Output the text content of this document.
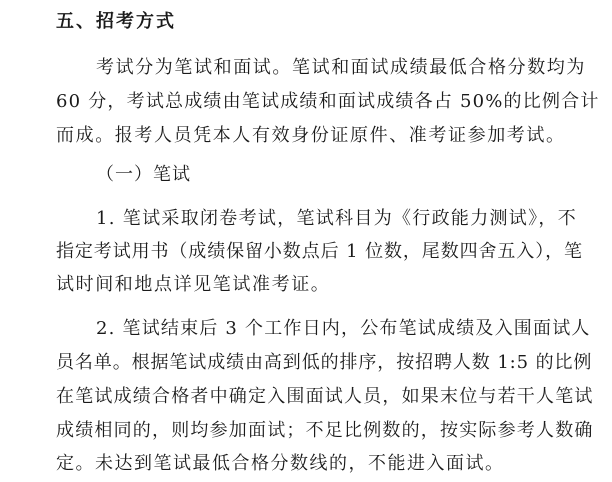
五、招考方式
考试分为笔试和面试。笔试和面试成绩最低合格分数均为
60 分，考试总成绩由笔试成绩和面试成绩各占 50%的比例合计
而成。报考人员凭本人有效身份证原件、准考证参加考试。
（一）笔试
1. 笔试采取闭卷考试，笔试科目为《行政能力测试》，不
指定考试用书（成绩保留小数点后 1 位数，尾数四舍五入），笔
试时间和地点详见笔试准考证。
2. 笔试结束后 3 个工作日内，公布笔试成绩及入围面试人
员名单。根据笔试成绩由高到低的排序，按招聘人数 1:5 的比例
在笔试成绩合格者中确定入围面试人员，如果末位与若干人笔试
成绩相同的，则均参加面试；不足比例数的，按实际参考人数确
定。未达到笔试最低合格分数线的，不能进入面试。
